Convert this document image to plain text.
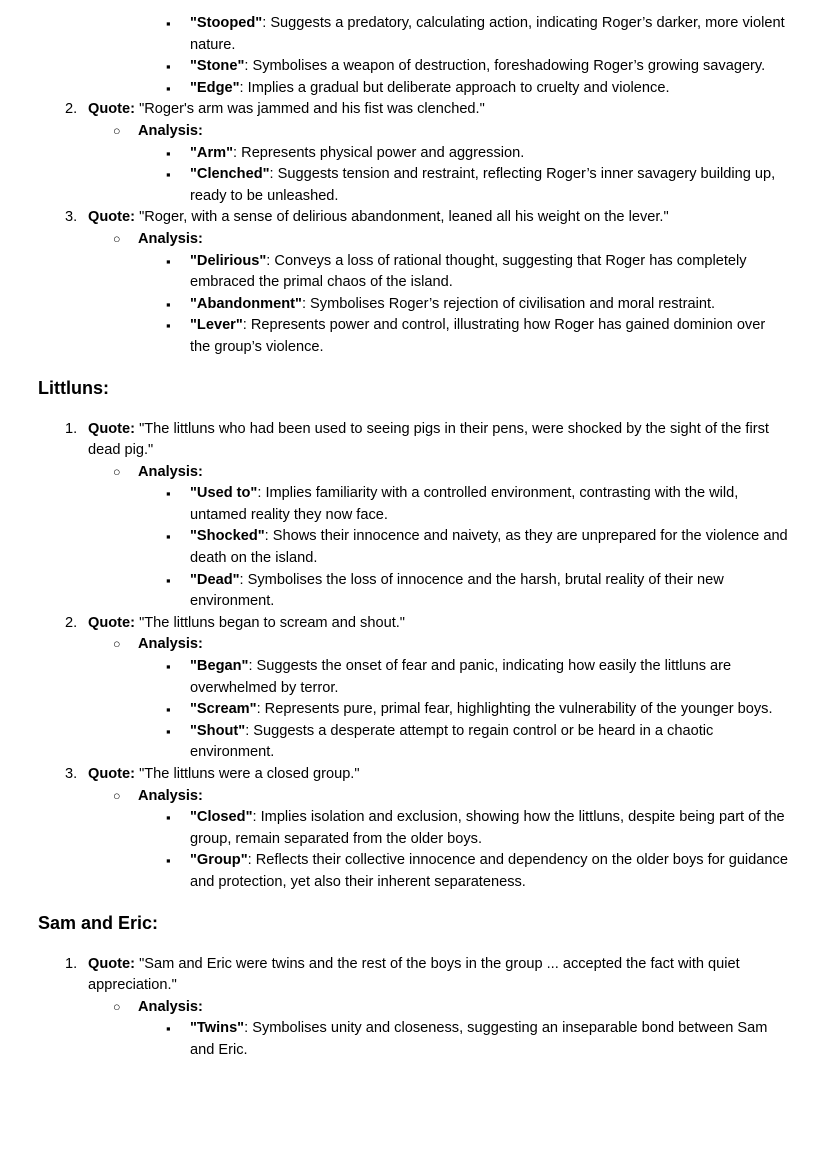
▪ "Stooped": Suggests a predatory, calculating action, indicating Roger’s darker, more violent nature.
▪ "Stone": Symbolises a weapon of destruction, foreshadowing Roger’s growing savagery.
▪ "Edge": Implies a gradual but deliberate approach to cruelty and violence.
2. Quote: "Roger's arm was jammed and his fist was clenched."
○ Analysis:
▪ "Arm": Represents physical power and aggression.
▪ "Clenched": Suggests tension and restraint, reflecting Roger’s inner savagery building up, ready to be unleashed.
3. Quote: "Roger, with a sense of delirious abandonment, leaned all his weight on the lever."
○ Analysis:
▪ "Delirious": Conveys a loss of rational thought, suggesting that Roger has completely embraced the primal chaos of the island.
▪ "Abandonment": Symbolises Roger’s rejection of civilisation and moral restraint.
▪ "Lever": Represents power and control, illustrating how Roger has gained dominion over the group’s violence.
Littluns:
1. Quote: "The littluns who had been used to seeing pigs in their pens, were shocked by the sight of the first dead pig."
○ Analysis:
▪ "Used to": Implies familiarity with a controlled environment, contrasting with the wild, untamed reality they now face.
▪ "Shocked": Shows their innocence and naivety, as they are unprepared for the violence and death on the island.
▪ "Dead": Symbolises the loss of innocence and the harsh, brutal reality of their new environment.
2. Quote: "The littluns began to scream and shout."
○ Analysis:
▪ "Began": Suggests the onset of fear and panic, indicating how easily the littluns are overwhelmed by terror.
▪ "Scream": Represents pure, primal fear, highlighting the vulnerability of the younger boys.
▪ "Shout": Suggests a desperate attempt to regain control or be heard in a chaotic environment.
3. Quote: "The littluns were a closed group."
○ Analysis:
▪ "Closed": Implies isolation and exclusion, showing how the littluns, despite being part of the group, remain separated from the older boys.
▪ "Group": Reflects their collective innocence and dependency on the older boys for guidance and protection, yet also their inherent separateness.
Sam and Eric:
1. Quote: "Sam and Eric were twins and the rest of the boys in the group ... accepted the fact with quiet appreciation."
○ Analysis:
▪ "Twins": Symbolises unity and closeness, suggesting an inseparable bond between Sam and Eric.
